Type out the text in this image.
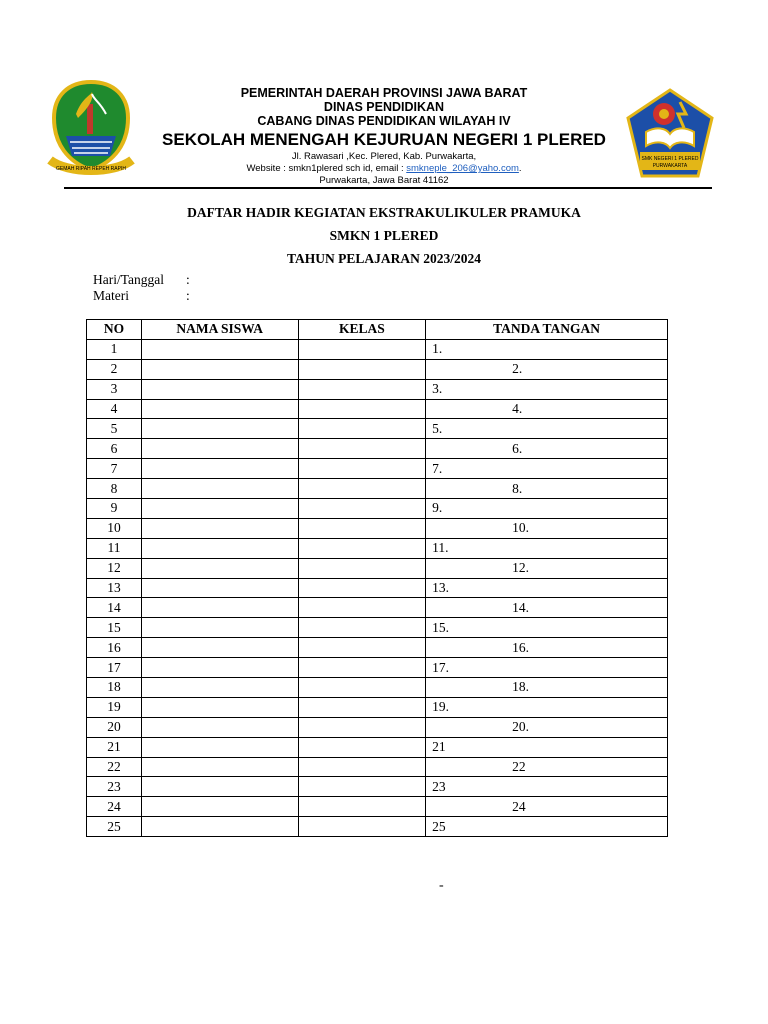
GEMAH RIPAH REPEH RAPIH
PEMERINTAH DAERAH PROVINSI JAWA BARAT
DINAS PENDIDIKAN
CABANG DINAS PENDIDIKAN WILAYAH IV
SEKOLAH MENENGAH KEJURUAN NEGERI 1 PLERED
Jl. Rawasari ,Kec. Plered, Kab. Purwakarta,
Website : smkn1plered sch id, email : smkneple_206@yaho.com.
Purwakarta, Jawa Barat 41162
SMK NEGERI 1 PLERED
PURWAKARTA
DAFTAR HADIR KEGIATAN EKSTRAKULIKULER PRAMUKA
SMKN 1 PLERED
TAHUN PELAJARAN 2023/2024
Hari/Tanggal	:
Materi	:
NO	NAMA SISWA	KELAS	TANDA TANGAN
1			1.
2			2.
3			3.
4			4.
5			5.
6			6.
7			7.
8			8.
9			9.
10			10.
11			11.
12			12.
13			13.
14			14.
15			15.
16			16.
17			17.
18			18.
19			19.
20			20.
21			21
22			22
23			23
24			24
25			25
-
